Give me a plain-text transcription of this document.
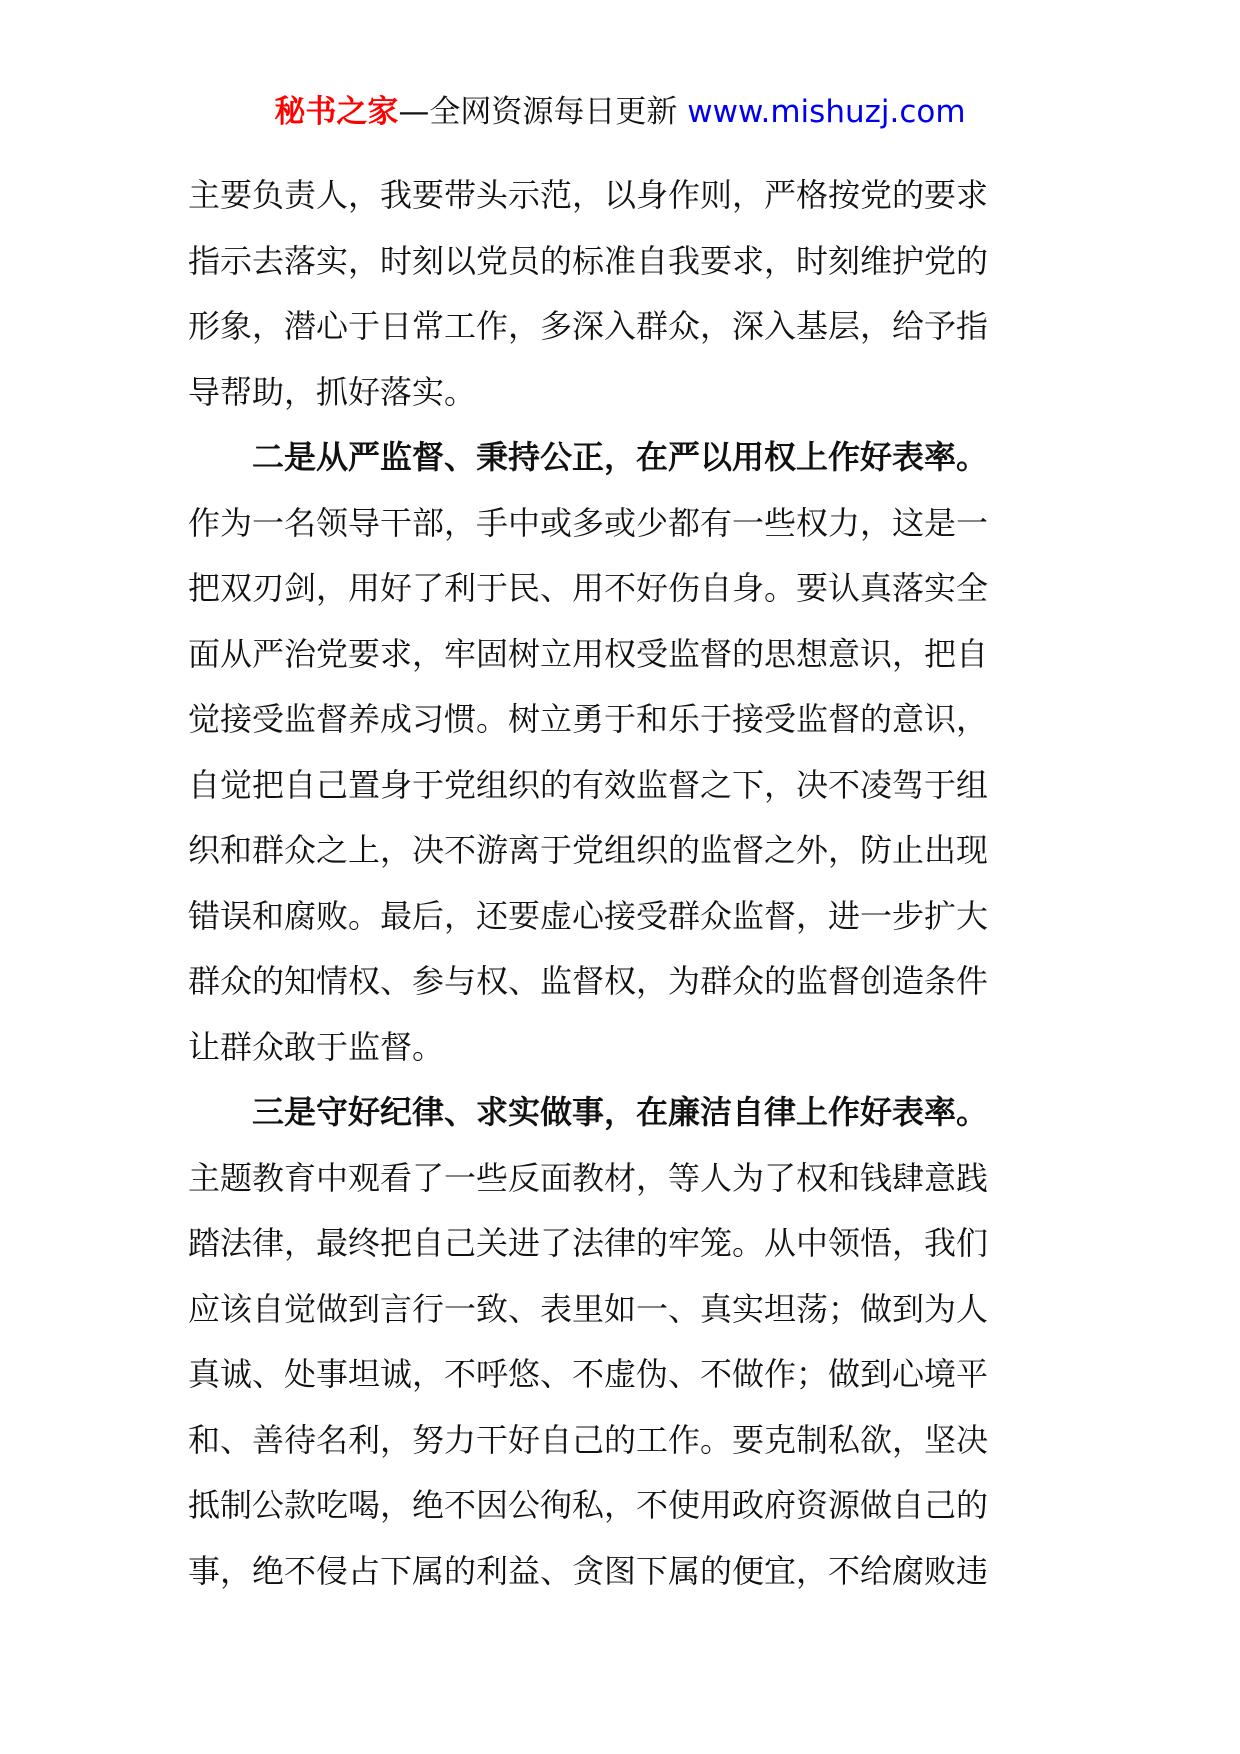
秘书之家—全网资源每日更新 www.mishuzj.com
主要负责人，我要带头示范，以身作则，严格按党的要求
指示去落实，时刻以党员的标准自我要求，时刻维护党的
形象，潜心于日常工作，多深入群众，深入基层，给予指
导帮助，抓好落实。
二是从严监督、秉持公正，在严以用权上作好表率。
作为一名领导干部，手中或多或少都有一些权力，这是一
把双刃剑，用好了利于民、用不好伤自身。要认真落实全
面从严治党要求，牢固树立用权受监督的思想意识，把自
觉接受监督养成习惯。树立勇于和乐于接受监督的意识，
自觉把自己置身于党组织的有效监督之下，决不凌驾于组
织和群众之上，决不游离于党组织的监督之外，防止出现
错误和腐败。最后，还要虚心接受群众监督，进一步扩大
群众的知情权、参与权、监督权，为群众的监督创造条件
让群众敢于监督。
三是守好纪律、求实做事，在廉洁自律上作好表率。
主题教育中观看了一些反面教材，等人为了权和钱肆意践
踏法律，最终把自己关进了法律的牢笼。从中领悟，我们
应该自觉做到言行一致、表里如一、真实坦荡；做到为人
真诚、处事坦诚，不呼悠、不虚伪、不做作；做到心境平
和、善待名利，努力干好自己的工作。要克制私欲，坚决
抵制公款吃喝，绝不因公徇私，不使用政府资源做自己的
事，绝不侵占下属的利益、贪图下属的便宜，不给腐败违
